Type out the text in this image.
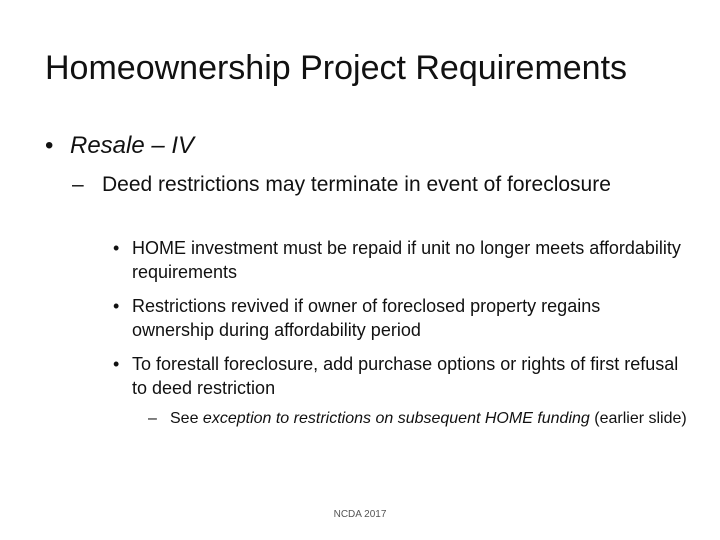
Homeownership Project Requirements
• Resale – IV
– Deed restrictions may terminate in event of foreclosure
• HOME investment must be repaid if unit no longer meets affordability requirements
• Restrictions revived if owner of foreclosed property regains ownership during affordability period
• To forestall foreclosure, add purchase options or rights of first refusal to deed restriction
– See exception to restrictions on subsequent HOME funding (earlier slide)
NCDA 2017
